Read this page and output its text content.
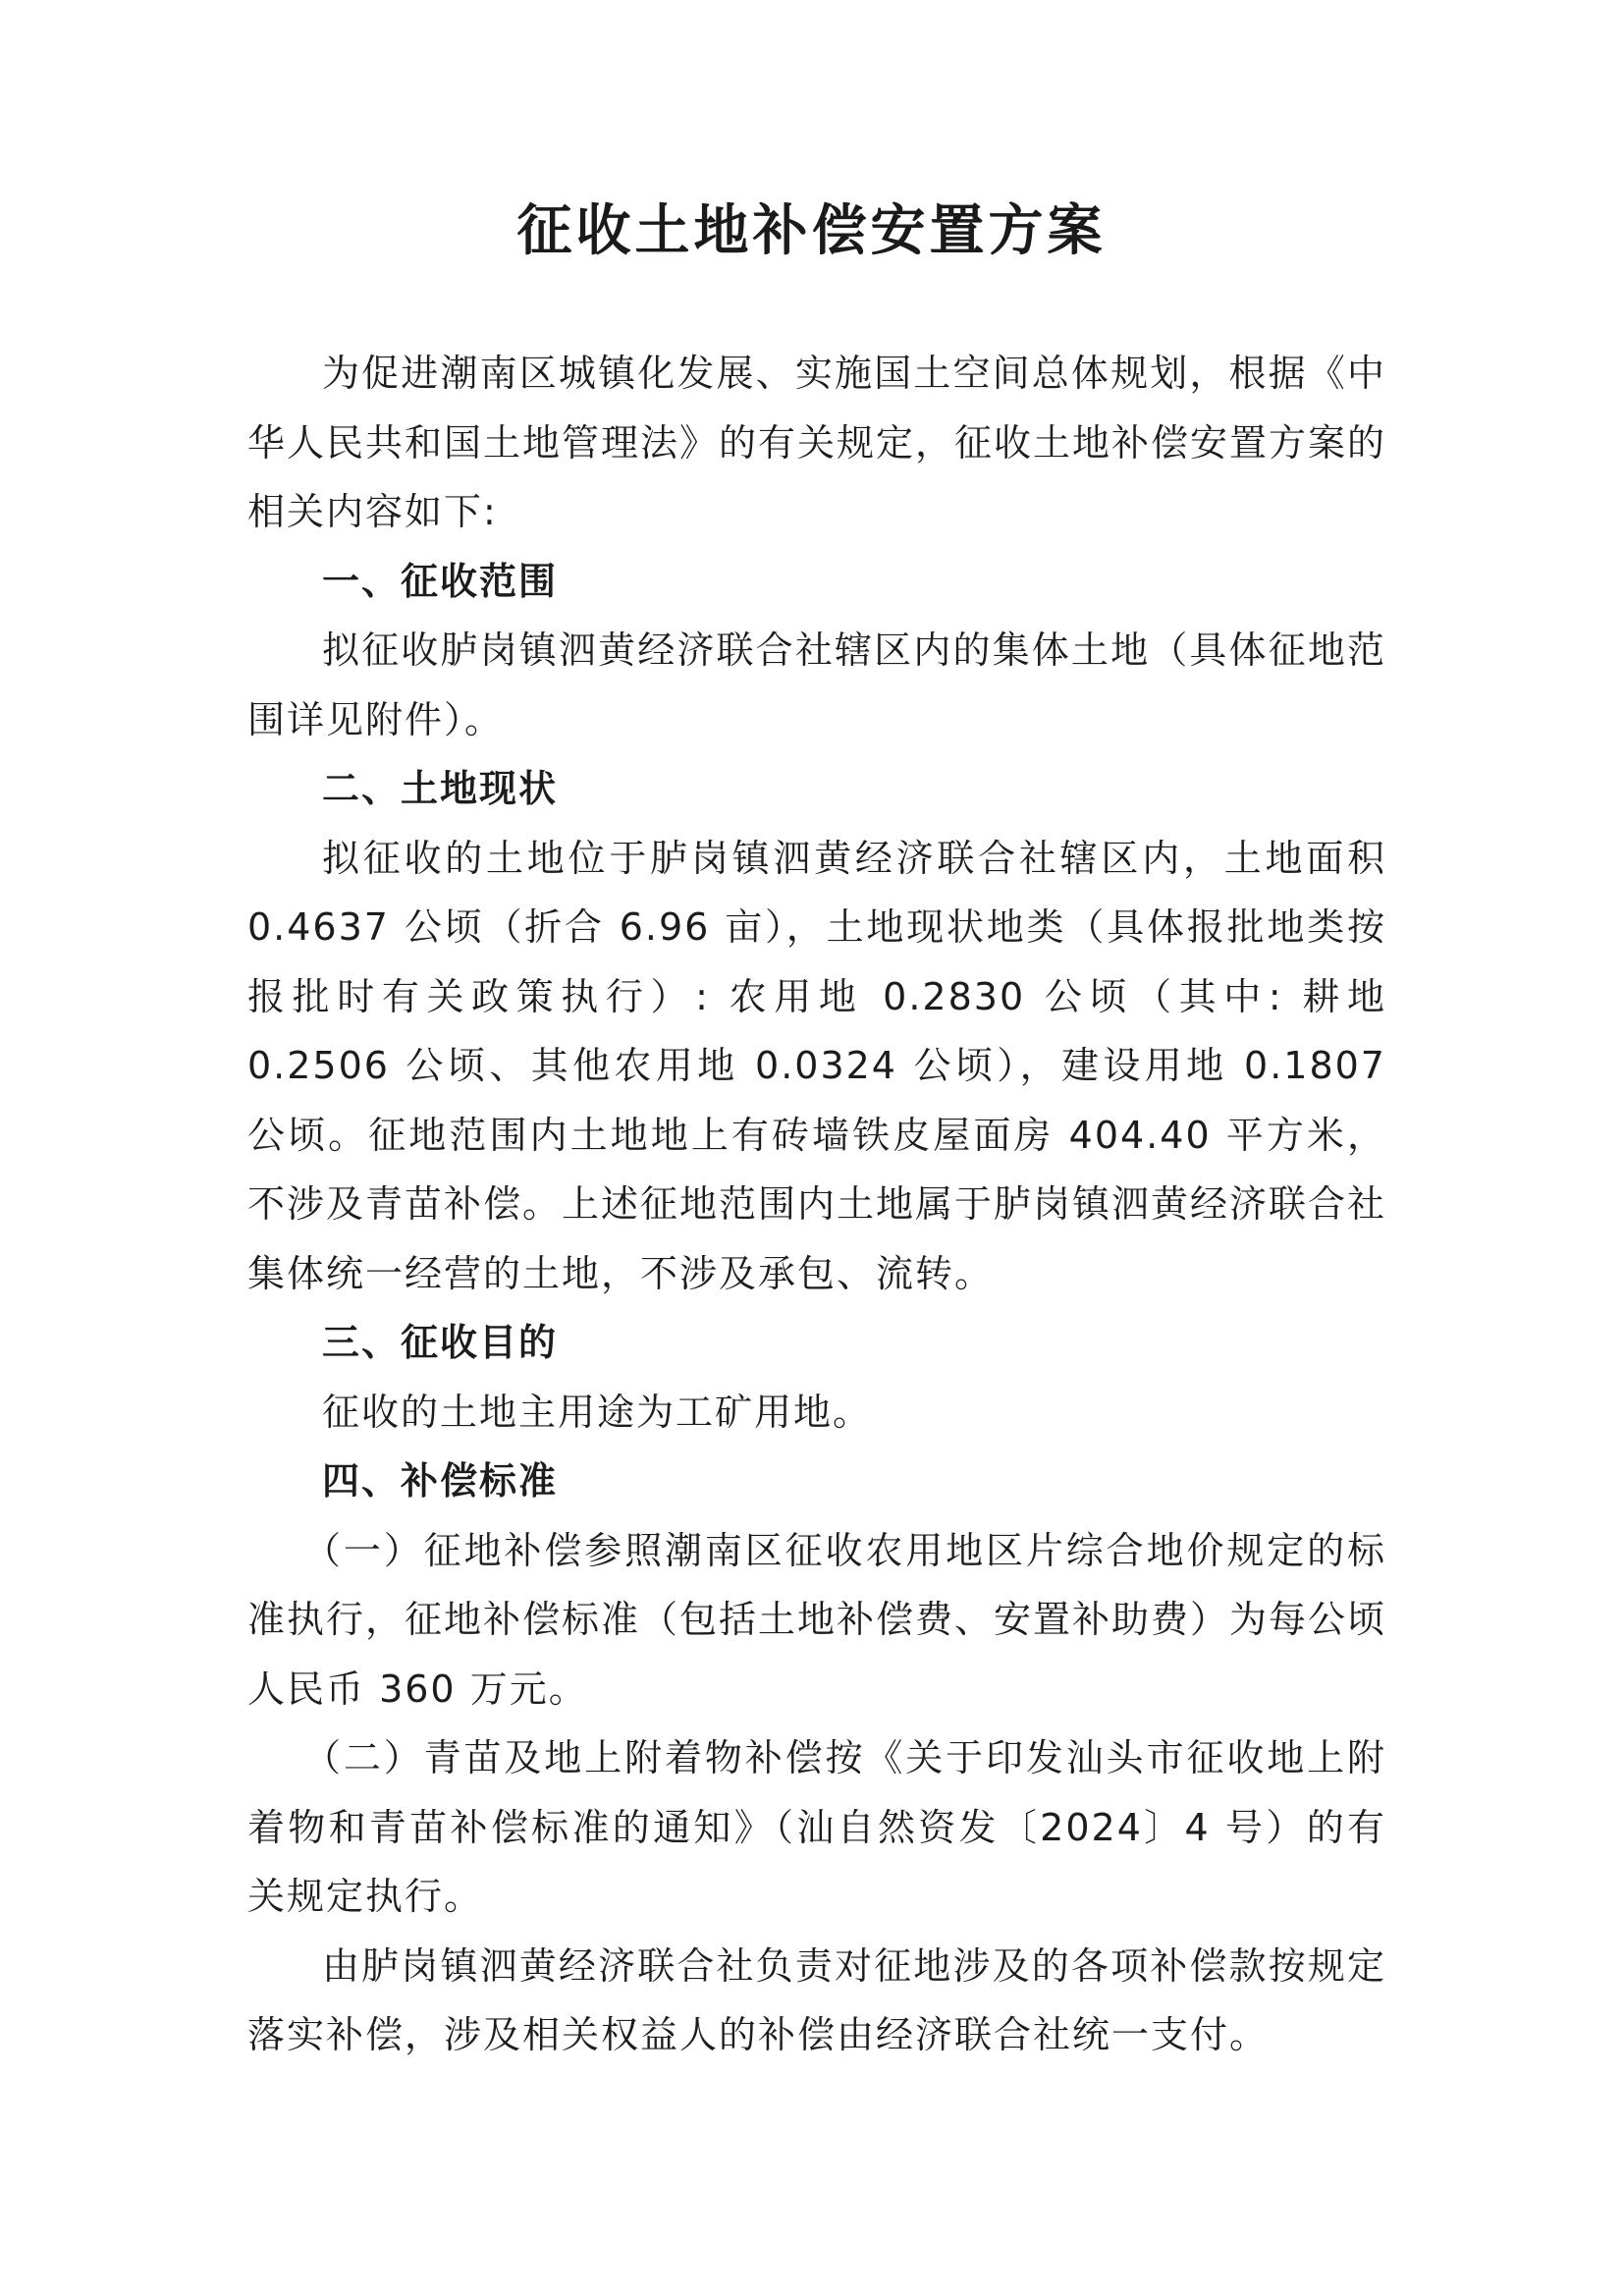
征收土地补偿安置方案

为促进潮南区城镇化发展、实施国土空间总体规划，根据《中华人民共和国土地管理法》的有关规定，征收土地补偿安置方案的相关内容如下:

一、征收范围

拟征收胪岗镇泗黄经济联合社辖区内的集体土地（具体征地范围详见附件）。

二、土地现状

拟征收的土地位于胪岗镇泗黄经济联合社辖区内，土地面积 0.4637 公顷（折合 6.96 亩），土地现状地类（具体报批地类按报批时有关政策执行）: 农用地 0.2830 公顷（其中: 耕地 0.2506 公顷、其他农用地 0.0324 公顷），建设用地 0.1807 公顷。征地范围内土地地上有砖墙铁皮屋面房 404.40 平方米，不涉及青苗补偿。上述征地范围内土地属于胪岗镇泗黄经济联合社集体统一经营的土地，不涉及承包、流转。

三、征收目的

征收的土地主用途为工矿用地。

四、补偿标准

（一）征地补偿参照潮南区征收农用地区片综合地价规定的标准执行，征地补偿标准（包括土地补偿费、安置补助费）为每公顷人民币 360 万元。

（二）青苗及地上附着物补偿按《关于印发汕头市征收地上附着物和青苗补偿标准的通知》（汕自然资发〔2024〕4 号）的有关规定执行。

由胪岗镇泗黄经济联合社负责对征地涉及的各项补偿款按规定落实补偿，涉及相关权益人的补偿由经济联合社统一支付。
